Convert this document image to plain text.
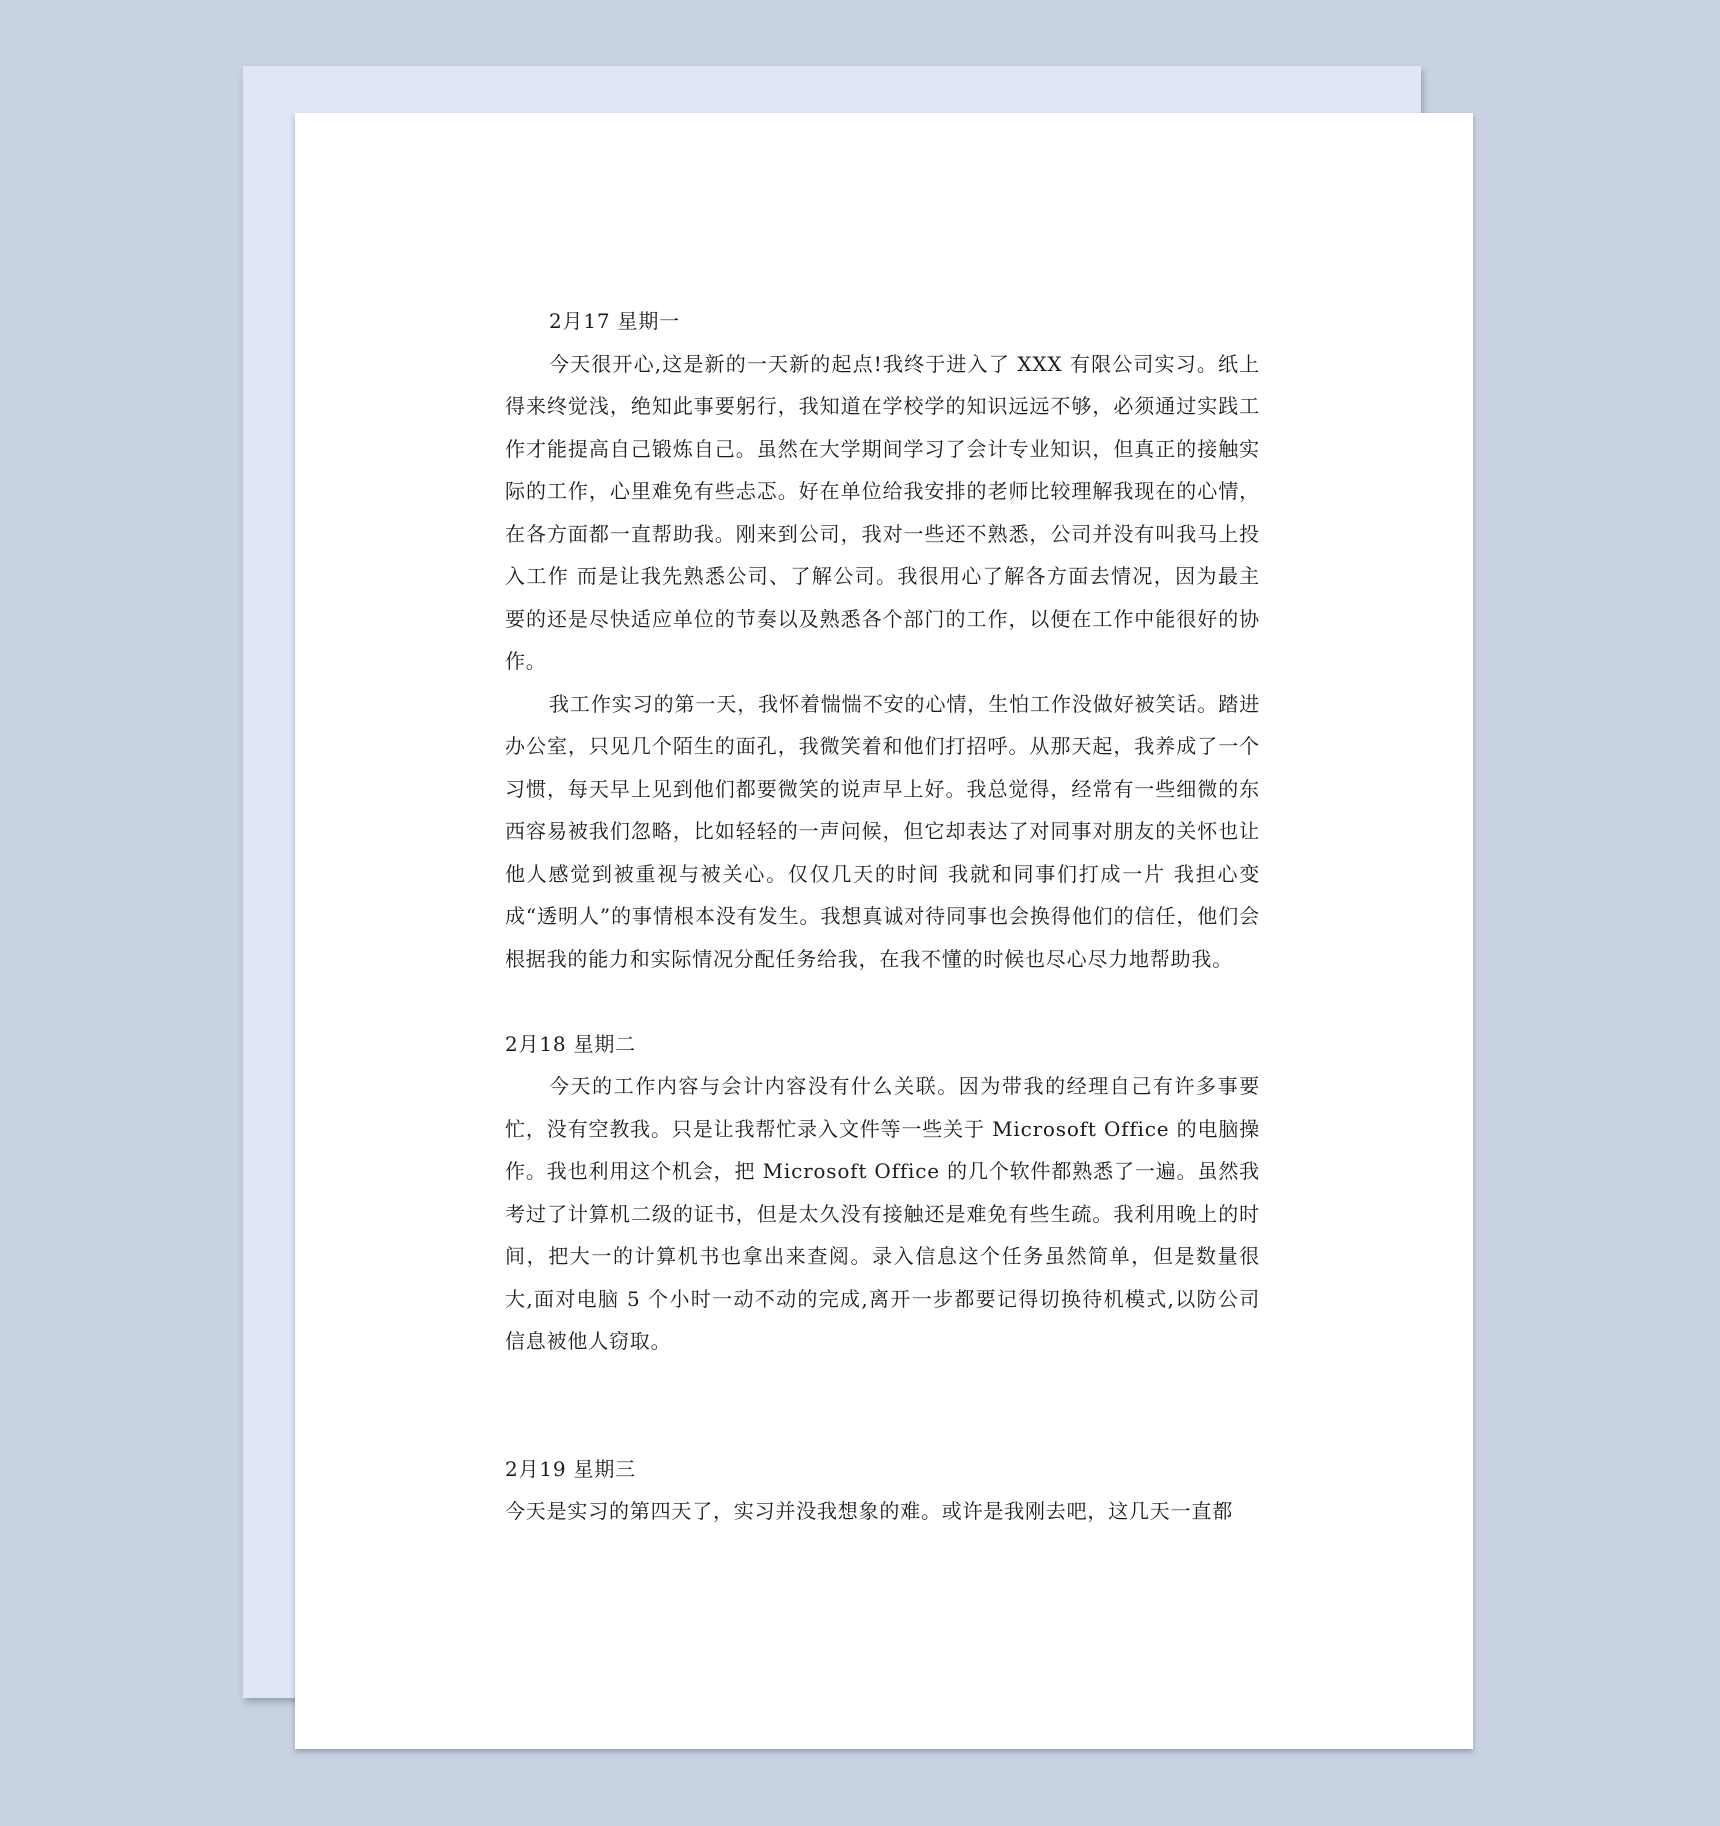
2月17 星期一

今天很开心,这是新的一天新的起点!我终于进入了 XXX 有限公司实习。纸上得来终觉浅，绝知此事要躬行，我知道在学校学的知识远远不够，必须通过实践工作才能提高自己锻炼自己。虽然在大学期间学习了会计专业知识，但真正的接触实际的工作，心里难免有些忐忑。好在单位给我安排的老师比较理解我现在的心情，在各方面都一直帮助我。刚来到公司，我对一些还不熟悉，公司并没有叫我马上投入工作 而是让我先熟悉公司、了解公司。我很用心了解各方面去情况，因为最主要的还是尽快适应单位的节奏以及熟悉各个部门的工作，以便在工作中能很好的协作。

我工作实习的第一天，我怀着惴惴不安的心情，生怕工作没做好被笑话。踏进办公室，只见几个陌生的面孔，我微笑着和他们打招呼。从那天起，我养成了一个习惯，每天早上见到他们都要微笑的说声早上好。我总觉得，经常有一些细微的东西容易被我们忽略，比如轻轻的一声问候，但它却表达了对同事对朋友的关怀也让他人感觉到被重视与被关心。仅仅几天的时间 我就和同事们打成一片 我担心变成“透明人”的事情根本没有发生。我想真诚对待同事也会换得他们的信任，他们会根据我的能力和实际情况分配任务给我，在我不懂的时候也尽心尽力地帮助我。

2月18 星期二

今天的工作内容与会计内容没有什么关联。因为带我的经理自己有许多事要忙，没有空教我。只是让我帮忙录入文件等一些关于 Microsoft Office 的电脑操作。我也利用这个机会，把 Microsoft Office 的几个软件都熟悉了一遍。虽然我考过了计算机二级的证书，但是太久没有接触还是难免有些生疏。我利用晚上的时间，把大一的计算机书也拿出来查阅。录入信息这个任务虽然简单，但是数量很大,面对电脑 5 个小时一动不动的完成,离开一步都要记得切换待机模式,以防公司信息被他人窃取。

2月19 星期三

今天是实习的第四天了，实习并没我想象的难。或许是我刚去吧，这几天一直都
